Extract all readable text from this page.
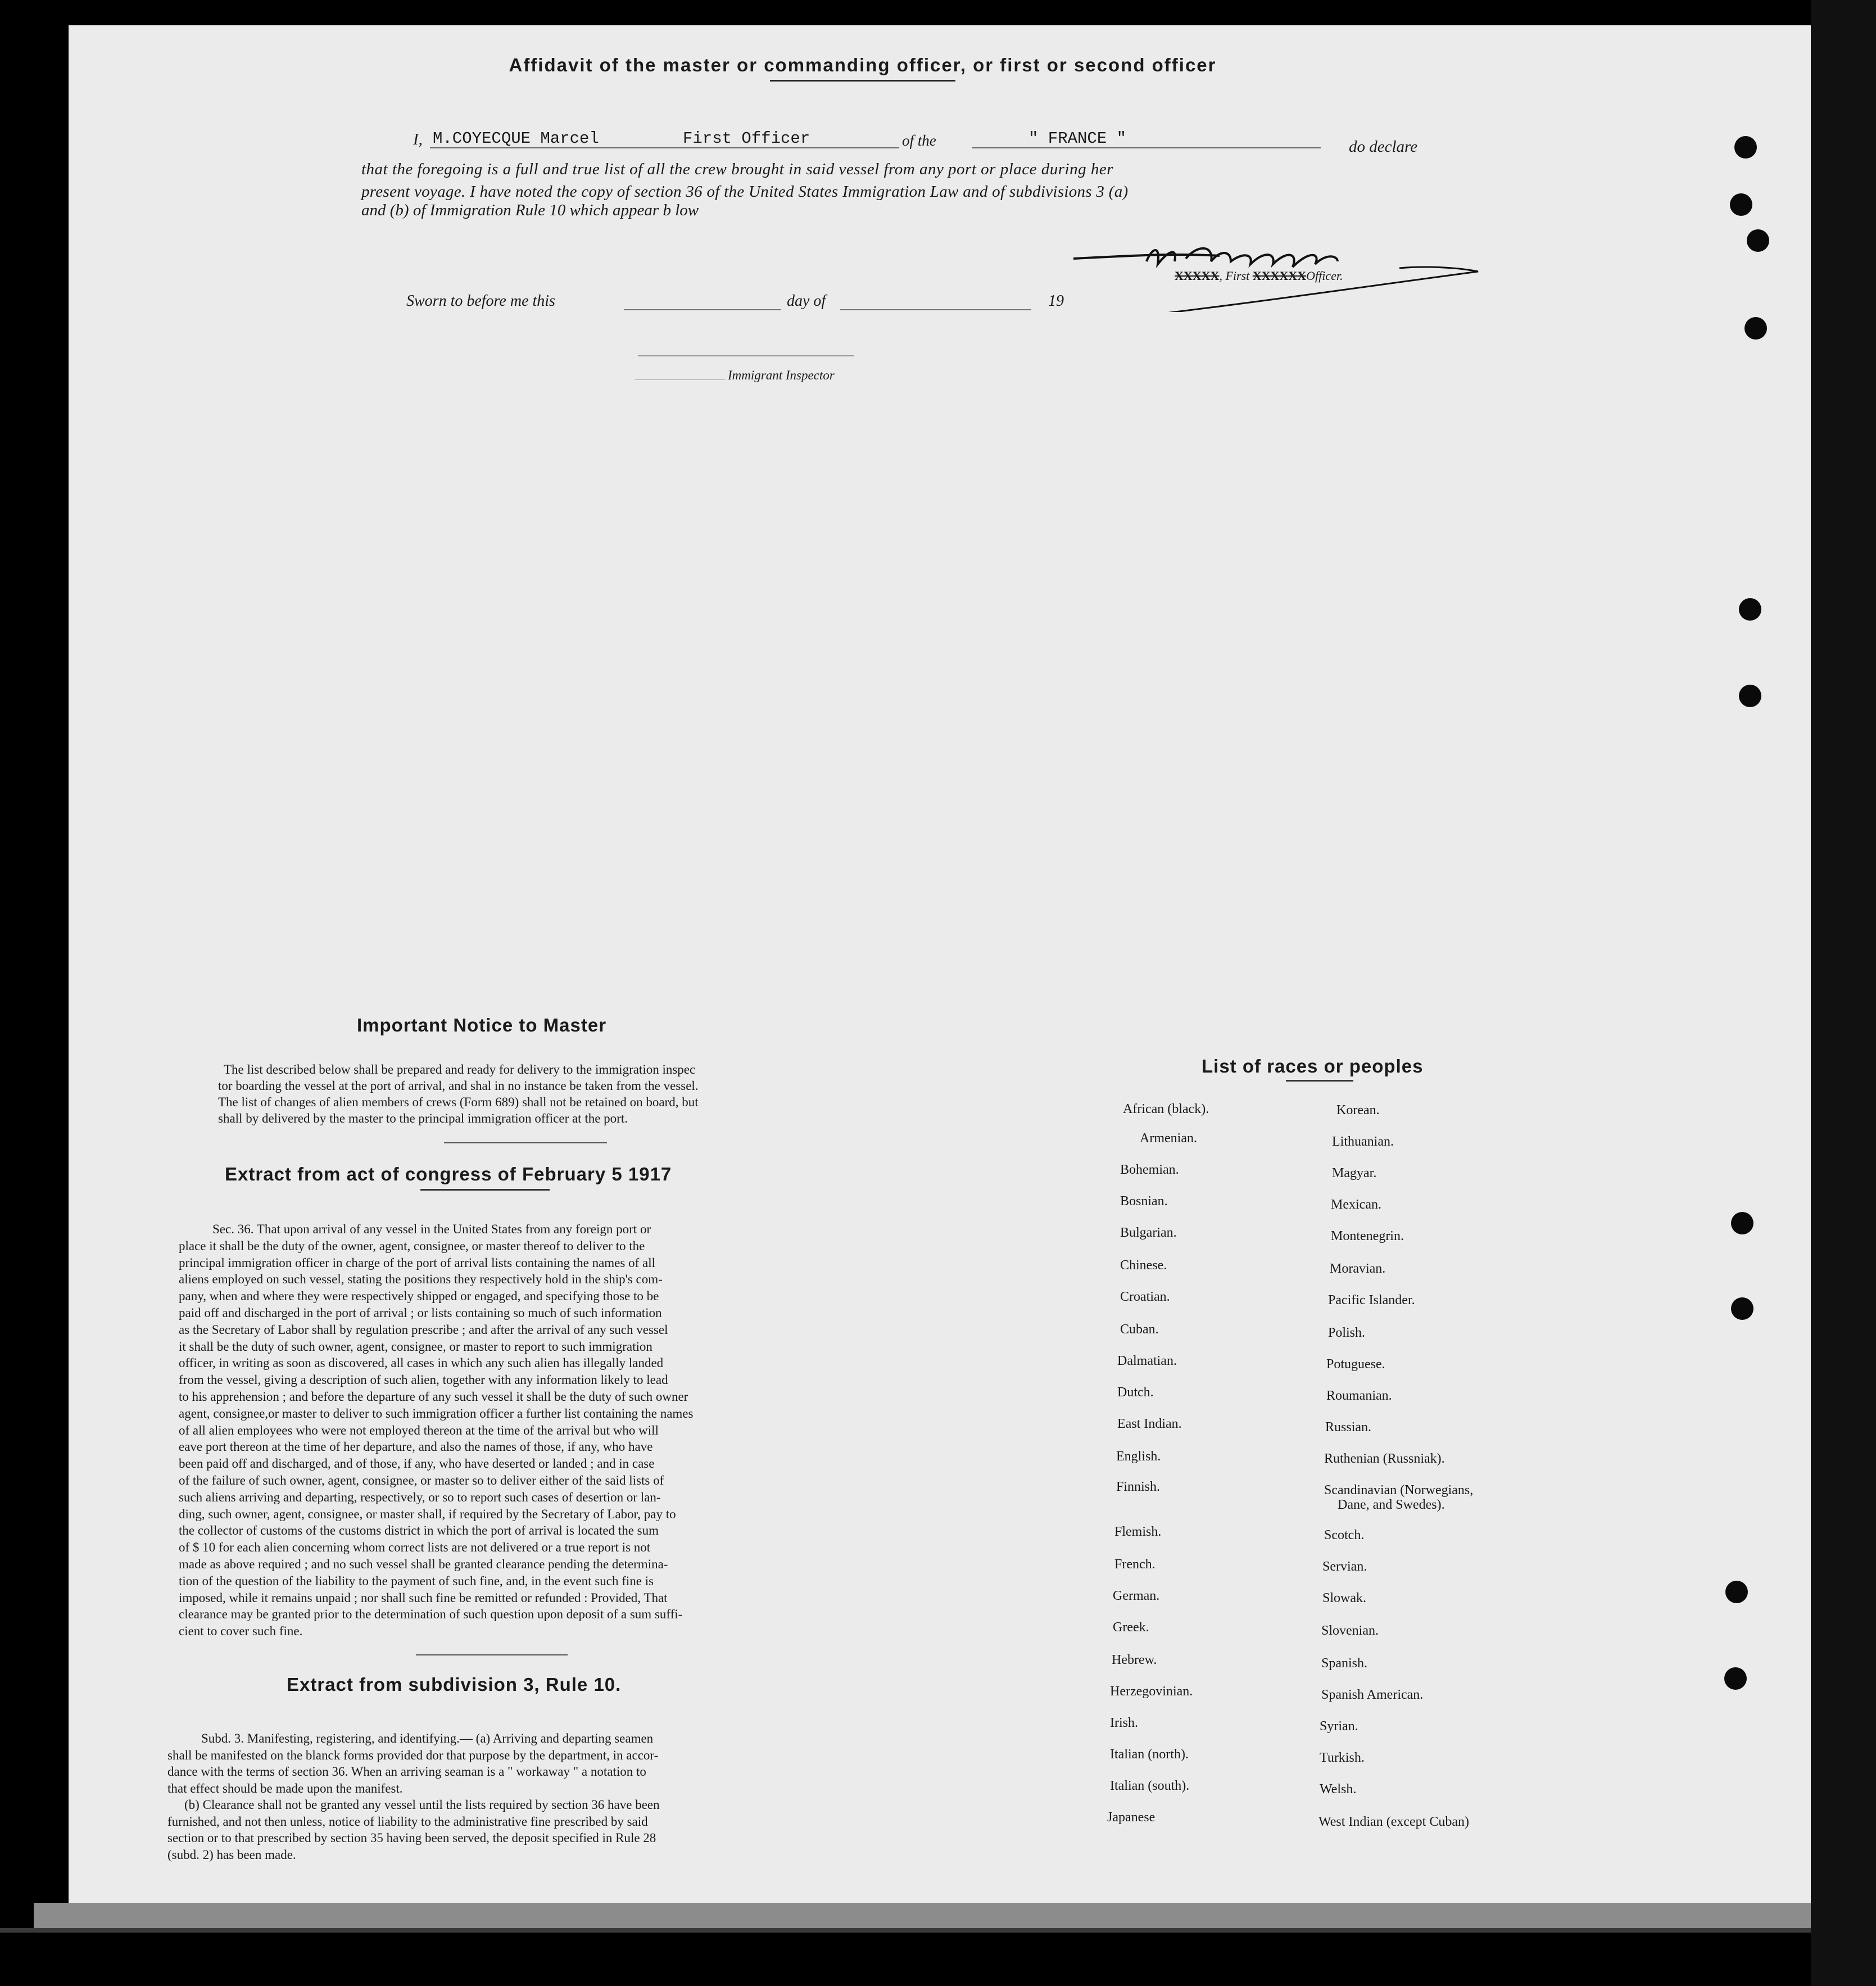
Affidavit of the master or commanding officer, or first or second officer
I, M.COYECQUE Marcel	First Officer	of the	" FRANCE "	do declare
that the foregoing is a full and true list of all the crew brought in said vessel from any port or place during her
present voyage. I have noted the copy of section 36 of the United States Immigration Law and of subdivisions 3 (a)
and (b) of Immigration Rule 10 which appear b low
XXXXX, First XXXXXXOfficer.
Sworn to before me this	day of	19
Immigrant Inspector
Important Notice to Master

The list described below shall be prepared and ready for delivery to the immigration inspec

tor boarding the vessel at the port of arrival, and shal in no instance be taken from the vessel.

The list of changes of alien members of crews (Form 689) shall not be retained on board, but

shall by delivered by the master to the principal immigration officer at the port.

Extract from act of congress of February 5 1917
Sec. 36. That upon arrival of any vessel in the United States from any foreign port or
place it shall be the duty of the owner, agent, consignee, or master thereof to deliver to the
principal immigration officer in charge of the port of arrival lists containing the names of all
aliens employed on such vessel, stating the positions they respectively hold in the ship's com-
pany, when and where they were respectively shipped or engaged, and specifying those to be
paid off and discharged in the port of arrival ; or lists containing so much of such information
as the Secretary of Labor shall by regulation prescribe ; and after the arrival of any such vessel
it shall be the duty of such owner, agent, consignee, or master to report to such immigration
officer, in writing as soon as discovered, all cases in which any such alien has illegally landed
from the vessel, giving a description of such alien, together with any information likely to lead
to his apprehension ; and before the departure of any such vessel it shall be the duty of such owner
agent, consignee,or master to deliver to such immigration officer a further list containing the names
of all alien employees who were not employed thereon at the time of the arrival but who will
eave port thereon at the time of her departure, and also the names of those, if any, who have
been paid off and discharged, and of those, if any, who have deserted or landed ; and in case
of the failure of such owner, agent, consignee, or master so to deliver either of the said lists of
such aliens arriving and departing, respectively, or so to report such cases of desertion or lan-
ding, such owner, agent, consignee, or master shall, if required by the Secretary of Labor, pay to
the collector of customs of the customs district in which the port of arrival is located the sum
of $ 10 for each alien concerning whom correct lists are not delivered or a true report is not
made as above required ; and no such vessel shall be granted clearance pending the determina-
tion of the question of the liability to the payment of such fine, and, in the event such fine is
imposed, while it remains unpaid ; nor shall such fine be remitted or refunded : Provided, That
clearance may be granted prior to the determination of such question upon deposit of a sum suffi-
cient to cover such fine.
Extract from subdivision 3, Rule 10.
Subd. 3. Manifesting, registering, and identifying.— (a) Arriving and departing seamen
shall be manifested on the blanck forms provided dor that purpose by the department, in accor-
dance with the terms of section 36. When an arriving seaman is a " workaway " a notation to
that effect should be made upon the manifest.
(b) Clearance shall not be granted any vessel until the lists required by section 36 have been
furnished, and not then unless, notice of liability to the administrative fine prescribed by said
section or to that prescribed by section 35 having been served, the deposit specified in Rule 28
(subd. 2) has been made.
List of races or peoples
African (black).
Armenian.
Bohemian.
Bosnian.
Bulgarian.
Chinese.
Croatian.
Cuban.
Dalmatian.
Dutch.
East Indian.
English.
Finnish.
Flemish.
French.
German.
Greek.
Hebrew.
Herzegovinian.
Irish.
Italian (north).
Italian (south).
Japanese
Korean.
Lithuanian.
Magyar.
Mexican.
Montenegrin.
Moravian.
Pacific Islander.
Polish.
Potuguese.
Roumanian.
Russian.
Ruthenian (Russniak).
Scandinavian (Norwegians,
Dane, and Swedes).
Scotch.
Servian.
Slowak.
Slovenian.
Spanish.
Spanish American.
Syrian.
Turkish.
Welsh.
West Indian (except Cuban)
